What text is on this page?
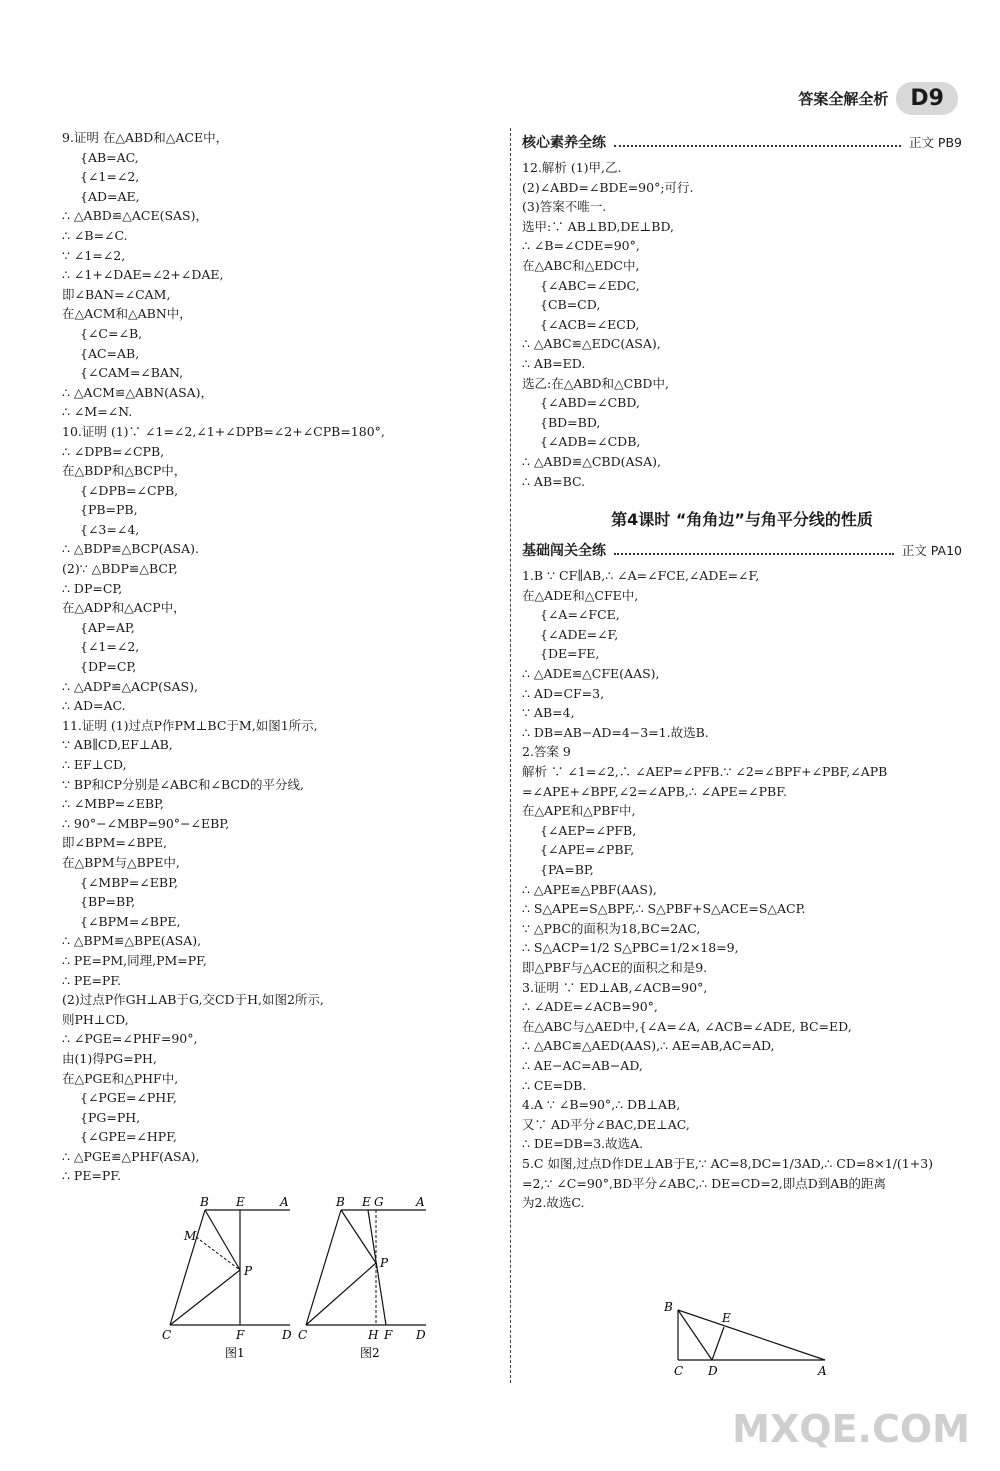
答案全解全析	D9
9.证明 在△ABD和△ACE中，
{AB=AC,
{∠1=∠2,
{AD=AE,
∴ △ABD≌△ACE(SAS)，
∴ ∠B=∠C.
∵ ∠1=∠2,
∴ ∠1+∠DAE=∠2+∠DAE,
即∠BAN=∠CAM,
在△ACM和△ABN中，
{∠C=∠B,
{AC=AB,
{∠CAM=∠BAN,
∴ △ACM≌△ABN(ASA)，
∴ ∠M=∠N.
10.证明 (1)∵ ∠1=∠2,∠1+∠DPB=∠2+∠CPB=180°,
∴ ∠DPB=∠CPB,
在△BDP和△BCP中，
{∠DPB=∠CPB,
{PB=PB,
{∠3=∠4,
∴ △BDP≌△BCP(ASA).
(2)∵ △BDP≌△BCP,
∴ DP=CP,
在△ADP和△ACP中，
{AP=AP,
{∠1=∠2,
{DP=CP,
∴ △ADP≌△ACP(SAS),
∴ AD=AC.
11.证明 (1)过点P作PM⊥BC于M,如图1所示,
∵ AB∥CD,EF⊥AB,
∴ EF⊥CD,
∵ BP和CP分别是∠ABC和∠BCD的平分线,
∴ ∠MBP=∠EBP,
∴ 90°−∠MBP=90°−∠EBP,
即∠BPM=∠BPE,
在△BPM与△BPE中,
{∠MBP=∠EBP,
{BP=BP,
{∠BPM=∠BPE,
∴ △BPM≌△BPE(ASA),
∴ PE=PM,同理,PM=PF,
∴ PE=PF.
(2)过点P作GH⊥AB于G,交CD于H,如图2所示,
则PH⊥CD,
∴ ∠PGE=∠PHF=90°,
由(1)得PG=PH,
在△PGE和△PHF中,
{∠PGE=∠PHF,
{PG=PH,
{∠GPE=∠HPF,
∴ △PGE≌△PHF(ASA),
∴ PE=PF.
核心素养全练	正文 PB9
12.解析 (1)甲,乙.
(2)∠ABD=∠BDE=90°;可行.
(3)答案不唯一.
选甲:∵ AB⊥BD,DE⊥BD,
∴ ∠B=∠CDE=90°,
在△ABC和△EDC中,
{∠ABC=∠EDC,
{CB=CD,
{∠ACB=∠ECD,
∴ △ABC≌△EDC(ASA),
∴ AB=ED.
选乙:在△ABD和△CBD中,
{∠ABD=∠CBD,
{BD=BD,
{∠ADB=∠CDB,
∴ △ABD≌△CBD(ASA),
∴ AB=BC.
第4课时 “角角边”与角平分线的性质
基础闯关全练	正文 PA10
1.B ∵ CF∥AB,∴ ∠A=∠FCE,∠ADE=∠F,
在△ADE和△CFE中,
{∠A=∠FCE,
{∠ADE=∠F,
{DE=FE,
∴ △ADE≌△CFE(AAS),
∴ AD=CF=3,
∵ AB=4,
∴ DB=AB−AD=4−3=1.故选B.
2.答案 9
解析 ∵ ∠1=∠2,∴ ∠AEP=∠PFB.∵ ∠2=∠BPF+∠PBF,∠APB
=∠APE+∠BPF,∠2=∠APB,∴ ∠APE=∠PBF.
在△APE和△PBF中,
{∠AEP=∠PFB,
{∠APE=∠PBF,
{PA=BP,
∴ △APE≌△PBF(AAS),
∴ S△APE=S△BPF,∴ S△PBF+S△ACE=S△ACP.
∵ △PBC的面积为18,BC=2AC,
∴ S△ACP=1/2 S△PBC=1/2×18=9,
即△PBF与△ACE的面积之和是9.
3.证明 ∵ ED⊥AB,∠ACB=90°,
∴ ∠ADE=∠ACB=90°,
在△ABC与△AED中,{∠A=∠A, ∠ACB=∠ADE, BC=ED,
∴ △ABC≌△AED(AAS),∴ AE=AB,AC=AD,
∴ AE−AC=AB−AD,
∴ CE=DB.
4.A ∵ ∠B=90°,∴ DB⊥AB,
又∵ AD平分∠BAC,DE⊥AC,
∴ DE=DB=3.故选A.
5.C 如图,过点D作DE⊥AB于E,∵ AC=8,DC=1/3AD,∴ CD=8×1/(1+3)
=2,∵ ∠C=90°,BD平分∠ABC,∴ DE=CD=2,即点D到AB的距离
为2.故选C.
B E	A
M
P
C	F	D
图1
B E G	A
P
C	H F D
图2
B
E
C D	A
MXQE.COM
